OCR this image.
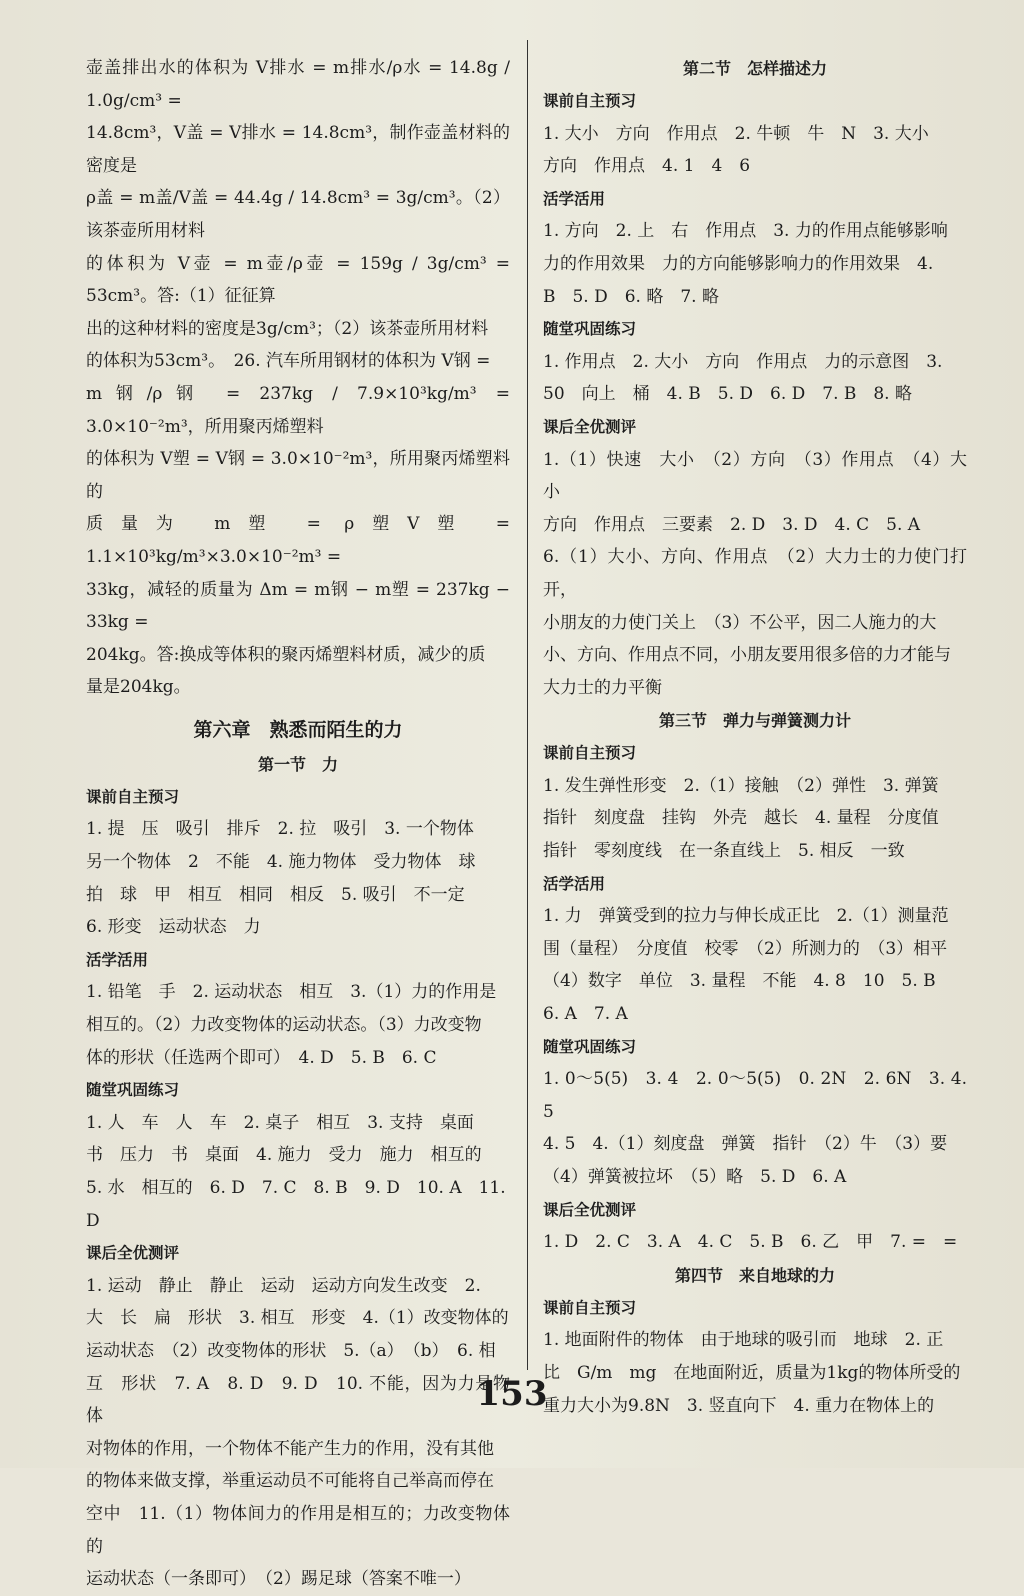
壶盖排出水的体积为 V排水 = m排水/ρ水 = 14.8g / 1.0g/cm³ =

14.8cm³，V盖 = V排水 = 14.8cm³，制作壶盖材料的密度是

ρ盖 = m盖/V盖 = 44.4g / 14.8cm³ = 3g/cm³。（2）该茶壶所用材料

的体积为 V壶 = m壶/ρ壶 = 159g / 3g/cm³ = 53cm³。答:（1）征征算

出的这种材料的密度是3g/cm³；（2）该茶壶所用材料

的体积为53cm³。　26. 汽车所用钢材的体积为 V钢 =

m钢/ρ钢 = 237kg / 7.9×10³kg/m³ = 3.0×10⁻²m³，所用聚丙烯塑料

的体积为 V塑 = V钢 = 3.0×10⁻²m³，所用聚丙烯塑料的

质量为 m塑 = ρ塑V塑 = 1.1×10³kg/m³×3.0×10⁻²m³ =

33kg，减轻的质量为 Δm = m钢 − m塑 = 237kg − 33kg =

204kg。答:换成等体积的聚丙烯塑料材质，减少的质

量是204kg。

第六章　熟悉而陌生的力
第一节　力
课前自主预习

1. 提　压　吸引　排斥　2. 拉　吸引　3. 一个物体

另一个物体　2　不能　4. 施力物体　受力物体　球

拍　球　甲　相互　相同　相反　5. 吸引　不一定

6. 形变　运动状态　力

活学活用

1. 铅笔　手　2. 运动状态　相互　3.（1）力的作用是

相互的。（2）力改变物体的运动状态。（3）力改变物

体的形状（任选两个即可）　4. D　5. B　6. C

随堂巩固练习

1. 人　车　人　车　2. 桌子　相互　3. 支持　桌面

书　压力　书　桌面　4. 施力　受力　施力　相互的

5. 水　相互的　6. D　7. C　8. B　9. D　10. A　11.

D

课后全优测评

1. 运动　静止　静止　运动　运动方向发生改变　2.

大　长　扁　形状　3. 相互　形变　4.（1）改变物体的

运动状态　（2）改变物体的形状　5.（a）　（b）　6. 相

互　形状　7. A　8. D　9. D　10. 不能，因为力是物体

对物体的作用，一个物体不能产生力的作用，没有其他

的物体来做支撑，举重运动员不可能将自己举高而停在

空中　11.（1）物体间力的作用是相互的；力改变物体的

运动状态（一条即可）　（2）踢足球（答案不唯一）

第二节　怎样描述力
课前自主预习

1. 大小　方向　作用点　2. 牛顿　牛　N　3. 大小

方向　作用点　4. 1　4　6

活学活用

1. 方向　2. 上　右　作用点　3. 力的作用点能够影响

力的作用效果　力的方向能够影响力的作用效果　4.

B　5. D　6. 略　7. 略

随堂巩固练习

1. 作用点　2. 大小　方向　作用点　力的示意图　3.

50　向上　桶　4. B　5. D　6. D　7. B　8. 略

课后全优测评

1.（1）快速　大小　（2）方向　（3）作用点　（4）大小

方向　作用点　三要素　2. D　3. D　4. C　5. A

6.（1）大小、方向、作用点　（2）大力士的力使门打开，

小朋友的力使门关上　（3）不公平，因二人施力的大

小、方向、作用点不同，小朋友要用很多倍的力才能与

大力士的力平衡

第三节　弹力与弹簧测力计
课前自主预习

1. 发生弹性形变　2.（1）接触　（2）弹性　3. 弹簧

指针　刻度盘　挂钩　外壳　越长　4. 量程　分度值

指针　零刻度线　在一条直线上　5. 相反　一致

活学活用

1. 力　弹簧受到的拉力与伸长成正比　2.（1）测量范

围（量程）　分度值　校零　（2）所测力的　（3）相平

（4）数字　单位　3. 量程　不能　4. 8　10　5. B

6. A　7. A

随堂巩固练习

1. 0～5(5)　3. 4　2. 0～5(5)　0. 2N　2. 6N　3. 4. 5

4. 5　4.（1）刻度盘　弹簧　指针　（2）牛　（3）要

（4）弹簧被拉坏　（5）略　5. D　6. A

课后全优测评

1. D　2. C　3. A　4. C　5. B　6. 乙　甲　7. =　=

第四节　来自地球的力
课前自主预习

1. 地面附件的物体　由于地球的吸引而　地球　2. 正

比　G/m　mg　在地面附近，质量为1kg的物体所受的

重力大小为9.8N　3. 竖直向下　4. 重力在物体上的

153
